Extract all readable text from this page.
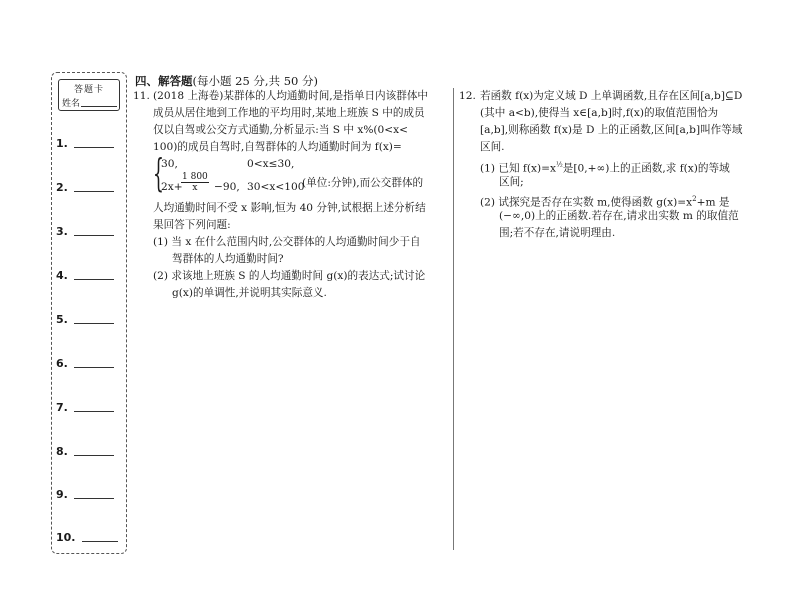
答题卡
姓名
1.
2.
3.
4.
5.
6.
7.
8.
9.
10.
四、解答题(每小题 25 分,共 50 分)
11. (2018 上海卷)某群体的人均通勤时间,是指单日内该群体中
成员从居住地到工作地的平均用时,某地上班族 S 中的成员
仅以自驾或公交方式通勤,分析显示:当 S 中 x%(0<x<
100)的成员自驾时,自驾群体的人均通勤时间为 f(x)=
{
30,	0<x≤30,
2x+
$\frac{1 800}{x} -90$, 30<x<100
(单位:分钟),而公交群体的
人均通勤时间不受 x 影响,恒为 40 分钟,试根据上述分析结
果回答下列问题:
(1) 当 x 在什么范围内时,公交群体的人均通勤时间少于自
驾群体的人均通勤时间?
(2) 求该地上班族 S 的人均通勤时间 g(x)的表达式;试讨论
g(x)的单调性,并说明其实际意义.
12. 若函数 f(x)为定义域 D 上单调函数,且存在区间[a,b]⊆D
(其中 a<b),使得当 x∈[a,b]时,f(x)的取值范围恰为
[a,b],则称函数 f(x)是 D 上的正函数,区间[a,b]叫作等域
区间.
(1) 已知 $f(x)=x^{\frac{1}{2}}$是[0,+∞)上的正函数,求 f(x)的等域
区间;
(2) 试探究是否存在实数 m,使得函数 $g(x)=x^2+m$ 是
(−∞,0)上的正函数.若存在,请求出实数 m 的取值范
围;若不存在,请说明理由.
